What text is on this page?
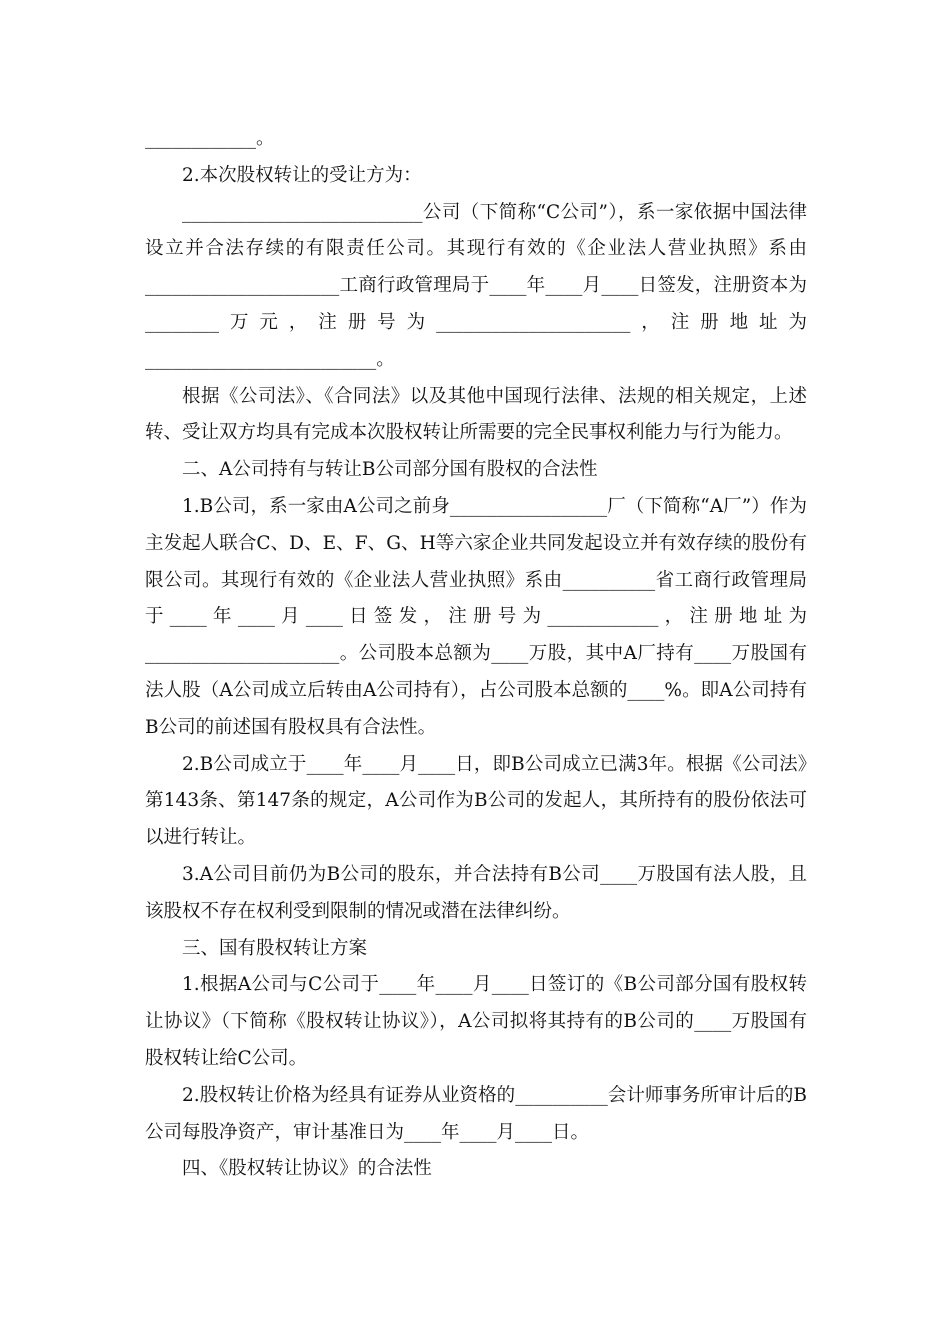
____________。

2.本次股权转让的受让方为：

__________________________公司（下简称“C公司”），系一家依据中国法律设立并合法存续的有限责任公司。其现行有效的《企业法人营业执照》系由_____________________工商行政管理局于____年____月____日签发，注册资本为________万元，注册号为_____________________，注册地址为_________________________。

根据《公司法》、《合同法》以及其他中国现行法律、法规的相关规定，上述转、受让双方均具有完成本次股权转让所需要的完全民事权利能力与行为能力。

二、A公司持有与转让B公司部分国有股权的合法性

1.B公司，系一家由A公司之前身_________________厂（下简称“A厂”）作为主发起人联合C、D、E、F、G、H等六家企业共同发起设立并有效存续的股份有限公司。其现行有效的《企业法人营业执照》系由__________省工商行政管理局于____年____月____日签发，注册号为____________，注册地址为_____________________。公司股本总额为____万股，其中A厂持有____万股国有法人股（A公司成立后转由A公司持有），占公司股本总额的____%。即A公司持有B公司的前述国有股权具有合法性。

2.B公司成立于____年____月____日，即B公司成立已满3年。根据《公司法》第143条、第147条的规定，A公司作为B公司的发起人，其所持有的股份依法可以进行转让。

3.A公司目前仍为B公司的股东，并合法持有B公司____万股国有法人股，且该股权不存在权利受到限制的情况或潜在法律纠纷。

三、国有股权转让方案

1.根据A公司与C公司于____年____月____日签订的《B公司部分国有股权转让协议》（下简称《股权转让协议》），A公司拟将其持有的B公司的____万股国有股权转让给C公司。

2.股权转让价格为经具有证券从业资格的__________会计师事务所审计后的B公司每股净资产，审计基准日为____年____月____日。

四、《股权转让协议》的合法性
